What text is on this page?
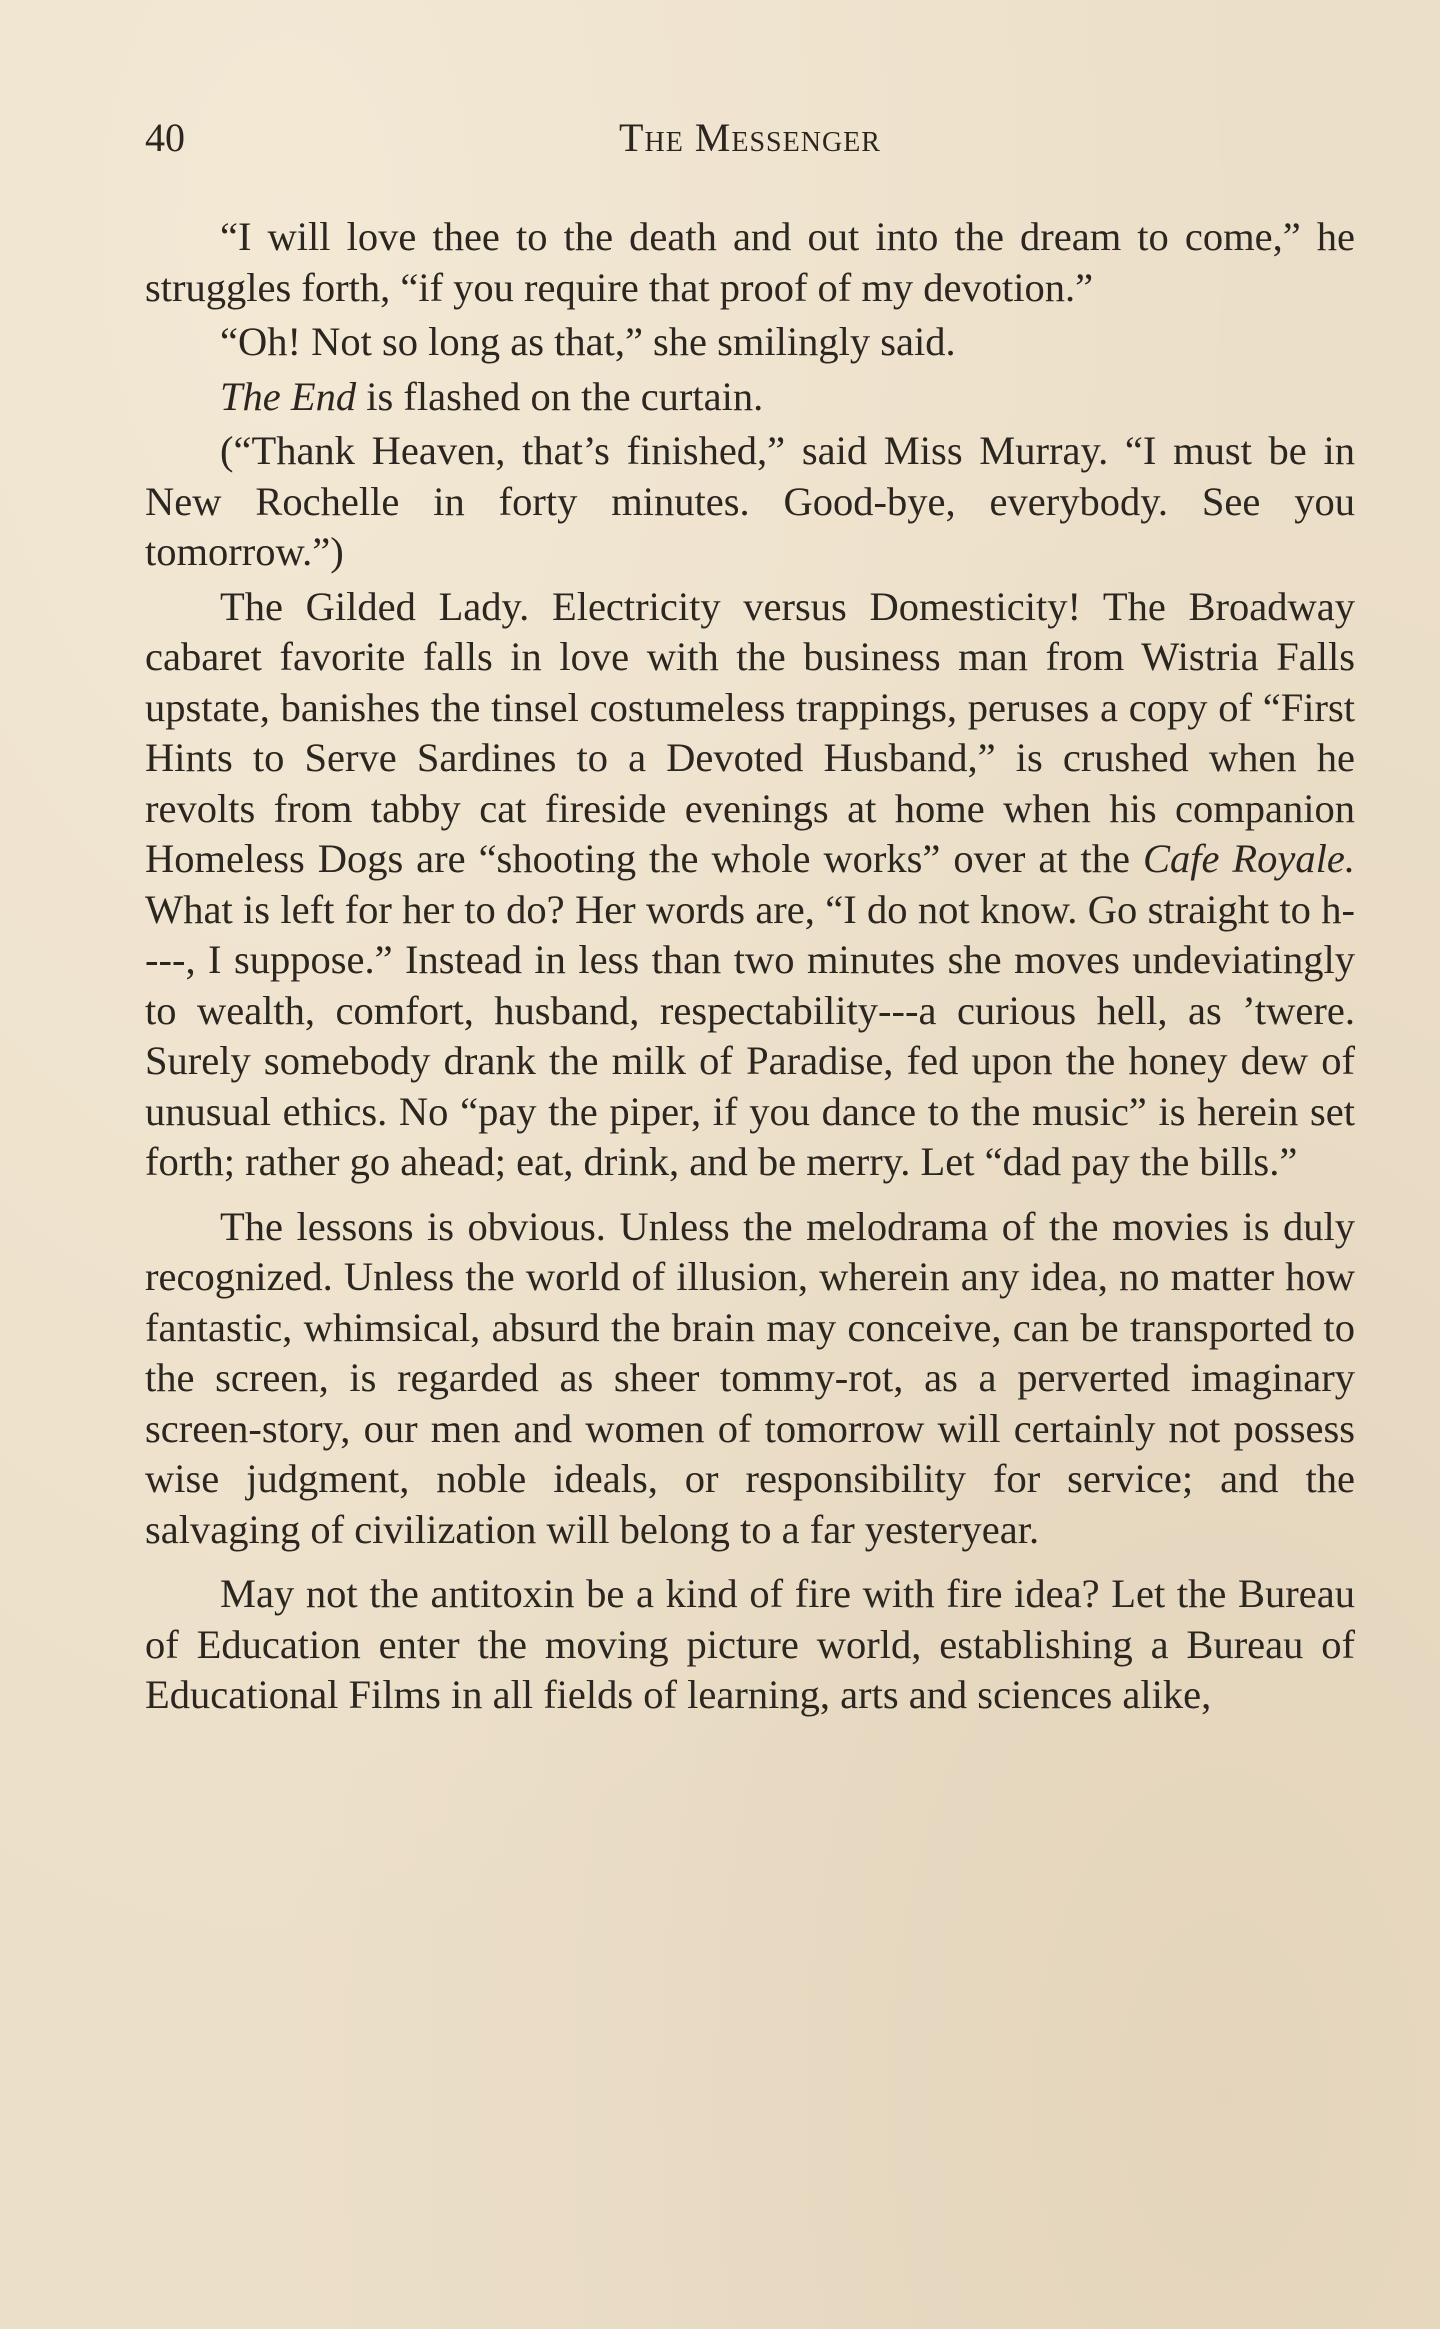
40	The Messenger

“I will love thee to the death and out into the dream to come,” he struggles forth, “if you require that proof of my devotion.”

“Oh! Not so long as that,” she smilingly said.

The End is flashed on the curtain.

(“Thank Heaven, that’s finished,” said Miss Murray. “I must be in New Rochelle in forty minutes. Good-bye, everybody. See you tomorrow.”)

The Gilded Lady. Electricity versus Domesticity! The Broadway cabaret favorite falls in love with the business man from Wistria Falls upstate, banishes the tinsel costumeless trappings, peruses a copy of “First Hints to Serve Sardines to a Devoted Husband,” is crushed when he revolts from tabby cat fireside evenings at home when his companion Homeless Dogs are “shooting the whole works” over at the Cafe Royale. What is left for her to do? Her words are, “I do not know. Go straight to h----, I suppose.” Instead in less than two minutes she moves undeviatingly to wealth, comfort, husband, respectability---a curious hell, as ’twere. Surely somebody drank the milk of Paradise, fed upon the honey dew of unusual ethics. No “pay the piper, if you dance to the music” is herein set forth; rather go ahead; eat, drink, and be merry. Let “dad pay the bills.”

The lessons is obvious. Unless the melodrama of the movies is duly recognized. Unless the world of illusion, wherein any idea, no matter how fantastic, whimsical, absurd the brain may conceive, can be transported to the screen, is regarded as sheer tommy-rot, as a perverted imaginary screen-story, our men and women of tomorrow will certainly not possess wise judgment, noble ideals, or responsibility for service; and the salvaging of civilization will belong to a far yesteryear.

May not the antitoxin be a kind of fire with fire idea? Let the Bureau of Education enter the moving picture world, establishing a Bureau of Educational Films in all fields of learning, arts and sciences alike,
